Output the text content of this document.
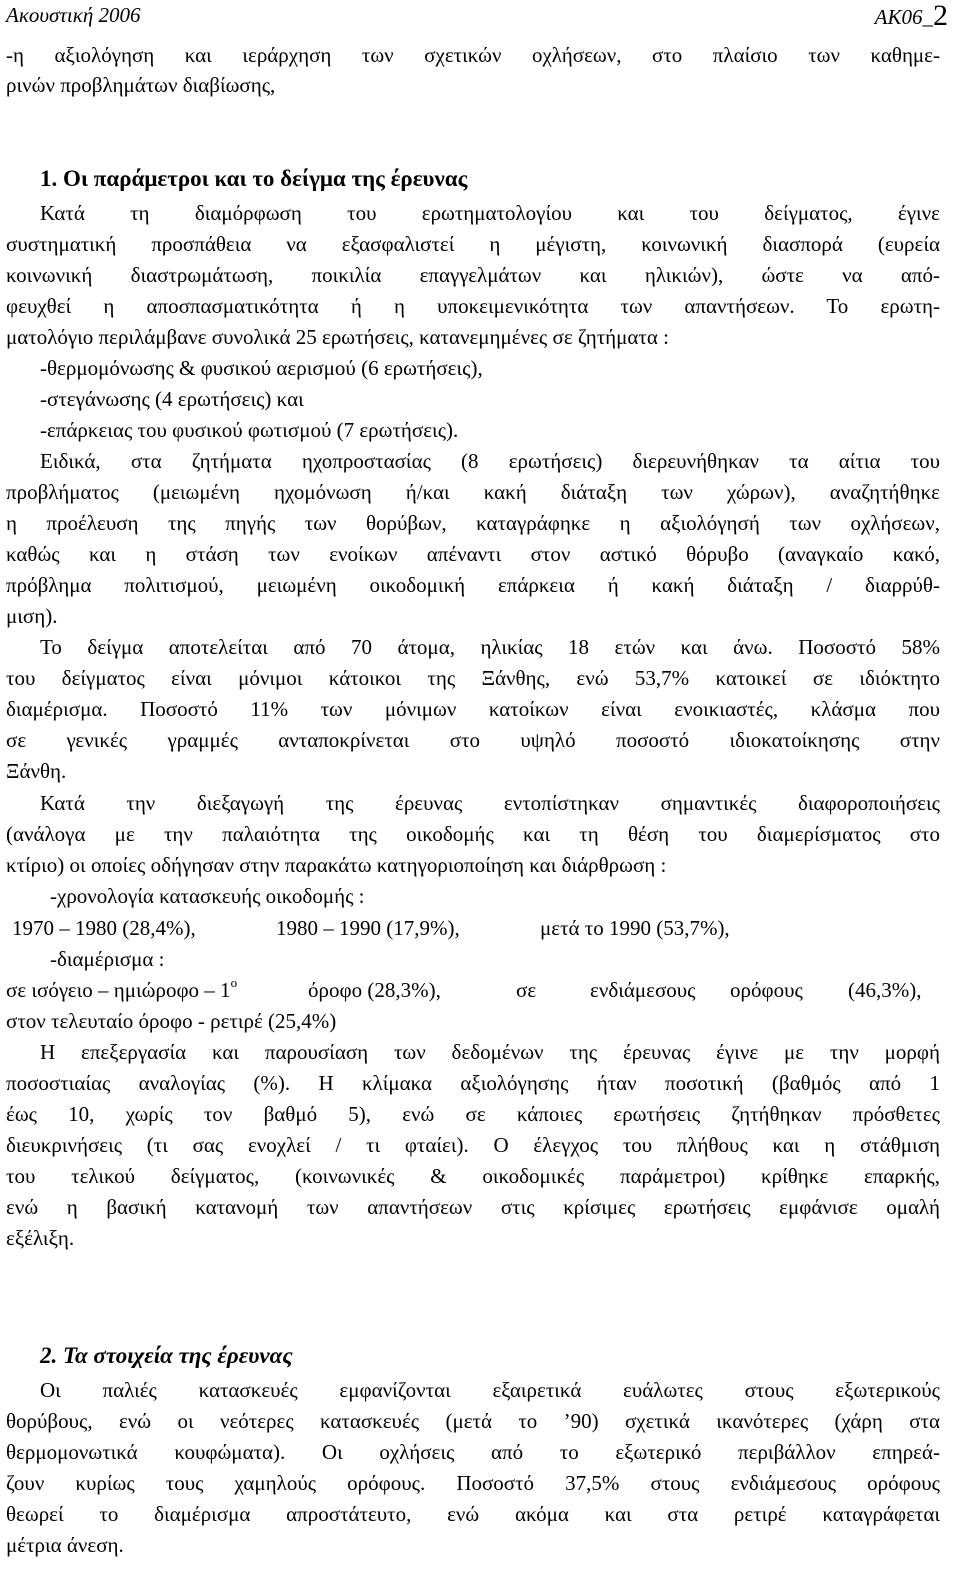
Ακουστική 2006	ΑΚ06_2
-η αξιολόγηση και ιεράρχηση των σχετικών οχλήσεων, στο πλαίσιο των καθημε-
ρινών προβλημάτων διαβίωσης,
1. Οι παράμετροι και το δείγμα της έρευνας
Κατά τη διαμόρφωση του ερωτηματολογίου και του δείγματος, έγινε
συστηματική προσπάθεια να εξασφαλιστεί η μέγιστη, κοινωνική διασπορά (ευρεία
κοινωνική διαστρωμάτωση, ποικιλία επαγγελμάτων και ηλικιών), ώστε να από-
φευχθεί η αποσπασματικότητα ή η υποκειμενικότητα των απαντήσεων. Το ερωτη-
ματολόγιο περιλάμβανε συνολικά 25 ερωτήσεις, κατανεμημένες σε ζητήματα :
-θερμομόνωσης & φυσικού αερισμού (6 ερωτήσεις),
-στεγάνωσης (4 ερωτήσεις) και
-επάρκειας του φυσικού φωτισμού (7 ερωτήσεις).
Ειδικά, στα ζητήματα ηχοπροστασίας (8 ερωτήσεις) διερευνήθηκαν τα αίτια του
προβλήματος (μειωμένη ηχομόνωση ή/και κακή διάταξη των χώρων), αναζητήθηκε
η προέλευση της πηγής των θορύβων, καταγράφηκε η αξιολόγησή των οχλήσεων,
καθώς και η στάση των ενοίκων απέναντι στον αστικό θόρυβο (αναγκαίο κακό,
πρόβλημα πολιτισμού, μειωμένη οικοδομική επάρκεια ή κακή διάταξη / διαρρύθ-
μιση).
Το δείγμα αποτελείται από 70 άτομα, ηλικίας 18 ετών και άνω. Ποσοστό 58%
του δείγματος είναι μόνιμοι κάτοικοι της Ξάνθης, ενώ 53,7% κατοικεί σε ιδιόκτητο
διαμέρισμα. Ποσοστό 11% των μόνιμων κατοίκων είναι ενοικιαστές, κλάσμα που
σε γενικές γραμμές ανταποκρίνεται στο υψηλό ποσοστό ιδιοκατοίκησης στην
Ξάνθη.
Κατά την διεξαγωγή της έρευνας εντοπίστηκαν σημαντικές διαφοροποιήσεις
(ανάλογα με την παλαιότητα της οικοδομής και τη θέση του διαμερίσματος στο
κτίριο) οι οποίες οδήγησαν στην παρακάτω κατηγοριοποίηση και διάρθρωση :
-χρονολογία κατασκευής οικοδομής :
1970 – 1980 (28,4%),	1980 – 1990 (17,9%),	μετά το 1990 (53,7%),
-διαμέρισμα :
σε ισόγειο – ημιώροφο – $1^o$	όροφο (28,3%),	σε	ενδιάμεσους ορόφους (46,3%),
στον τελευταίο όροφο - ρετιρέ (25,4%)
Η επεξεργασία και παρουσίαση των δεδομένων της έρευνας έγινε με την μορφή
ποσοστιαίας αναλογίας (%). Η κλίμακα αξιολόγησης ήταν ποσοτική (βαθμός από 1
έως 10, χωρίς τον βαθμό 5), ενώ σε κάποιες ερωτήσεις ζητήθηκαν πρόσθετες
διευκρινήσεις (τι σας ενοχλεί / τι φταίει). Ο έλεγχος του πλήθους και η στάθμιση
του τελικού δείγματος, (κοινωνικές & οικοδομικές παράμετροι) κρίθηκε επαρκής,
ενώ η βασική κατανομή των απαντήσεων στις κρίσιμες ερωτήσεις εμφάνισε ομαλή
εξέλιξη.
2. Τα στοιχεία της έρευνας
Οι παλιές κατασκευές εμφανίζονται εξαιρετικά ευάλωτες στους εξωτερικούς
θορύβους, ενώ οι νεότερες κατασκευές (μετά το ’90) σχετικά ικανότερες (χάρη στα
θερμομονωτικά κουφώματα). Οι οχλήσεις από το εξωτερικό περιβάλλον επηρεά-
ζουν κυρίως τους χαμηλούς ορόφους. Ποσοστό 37,5% στους ενδιάμεσους ορόφους
θεωρεί το διαμέρισμα απροστάτευτο, ενώ ακόμα και στα ρετιρέ καταγράφεται
μέτρια άνεση.
